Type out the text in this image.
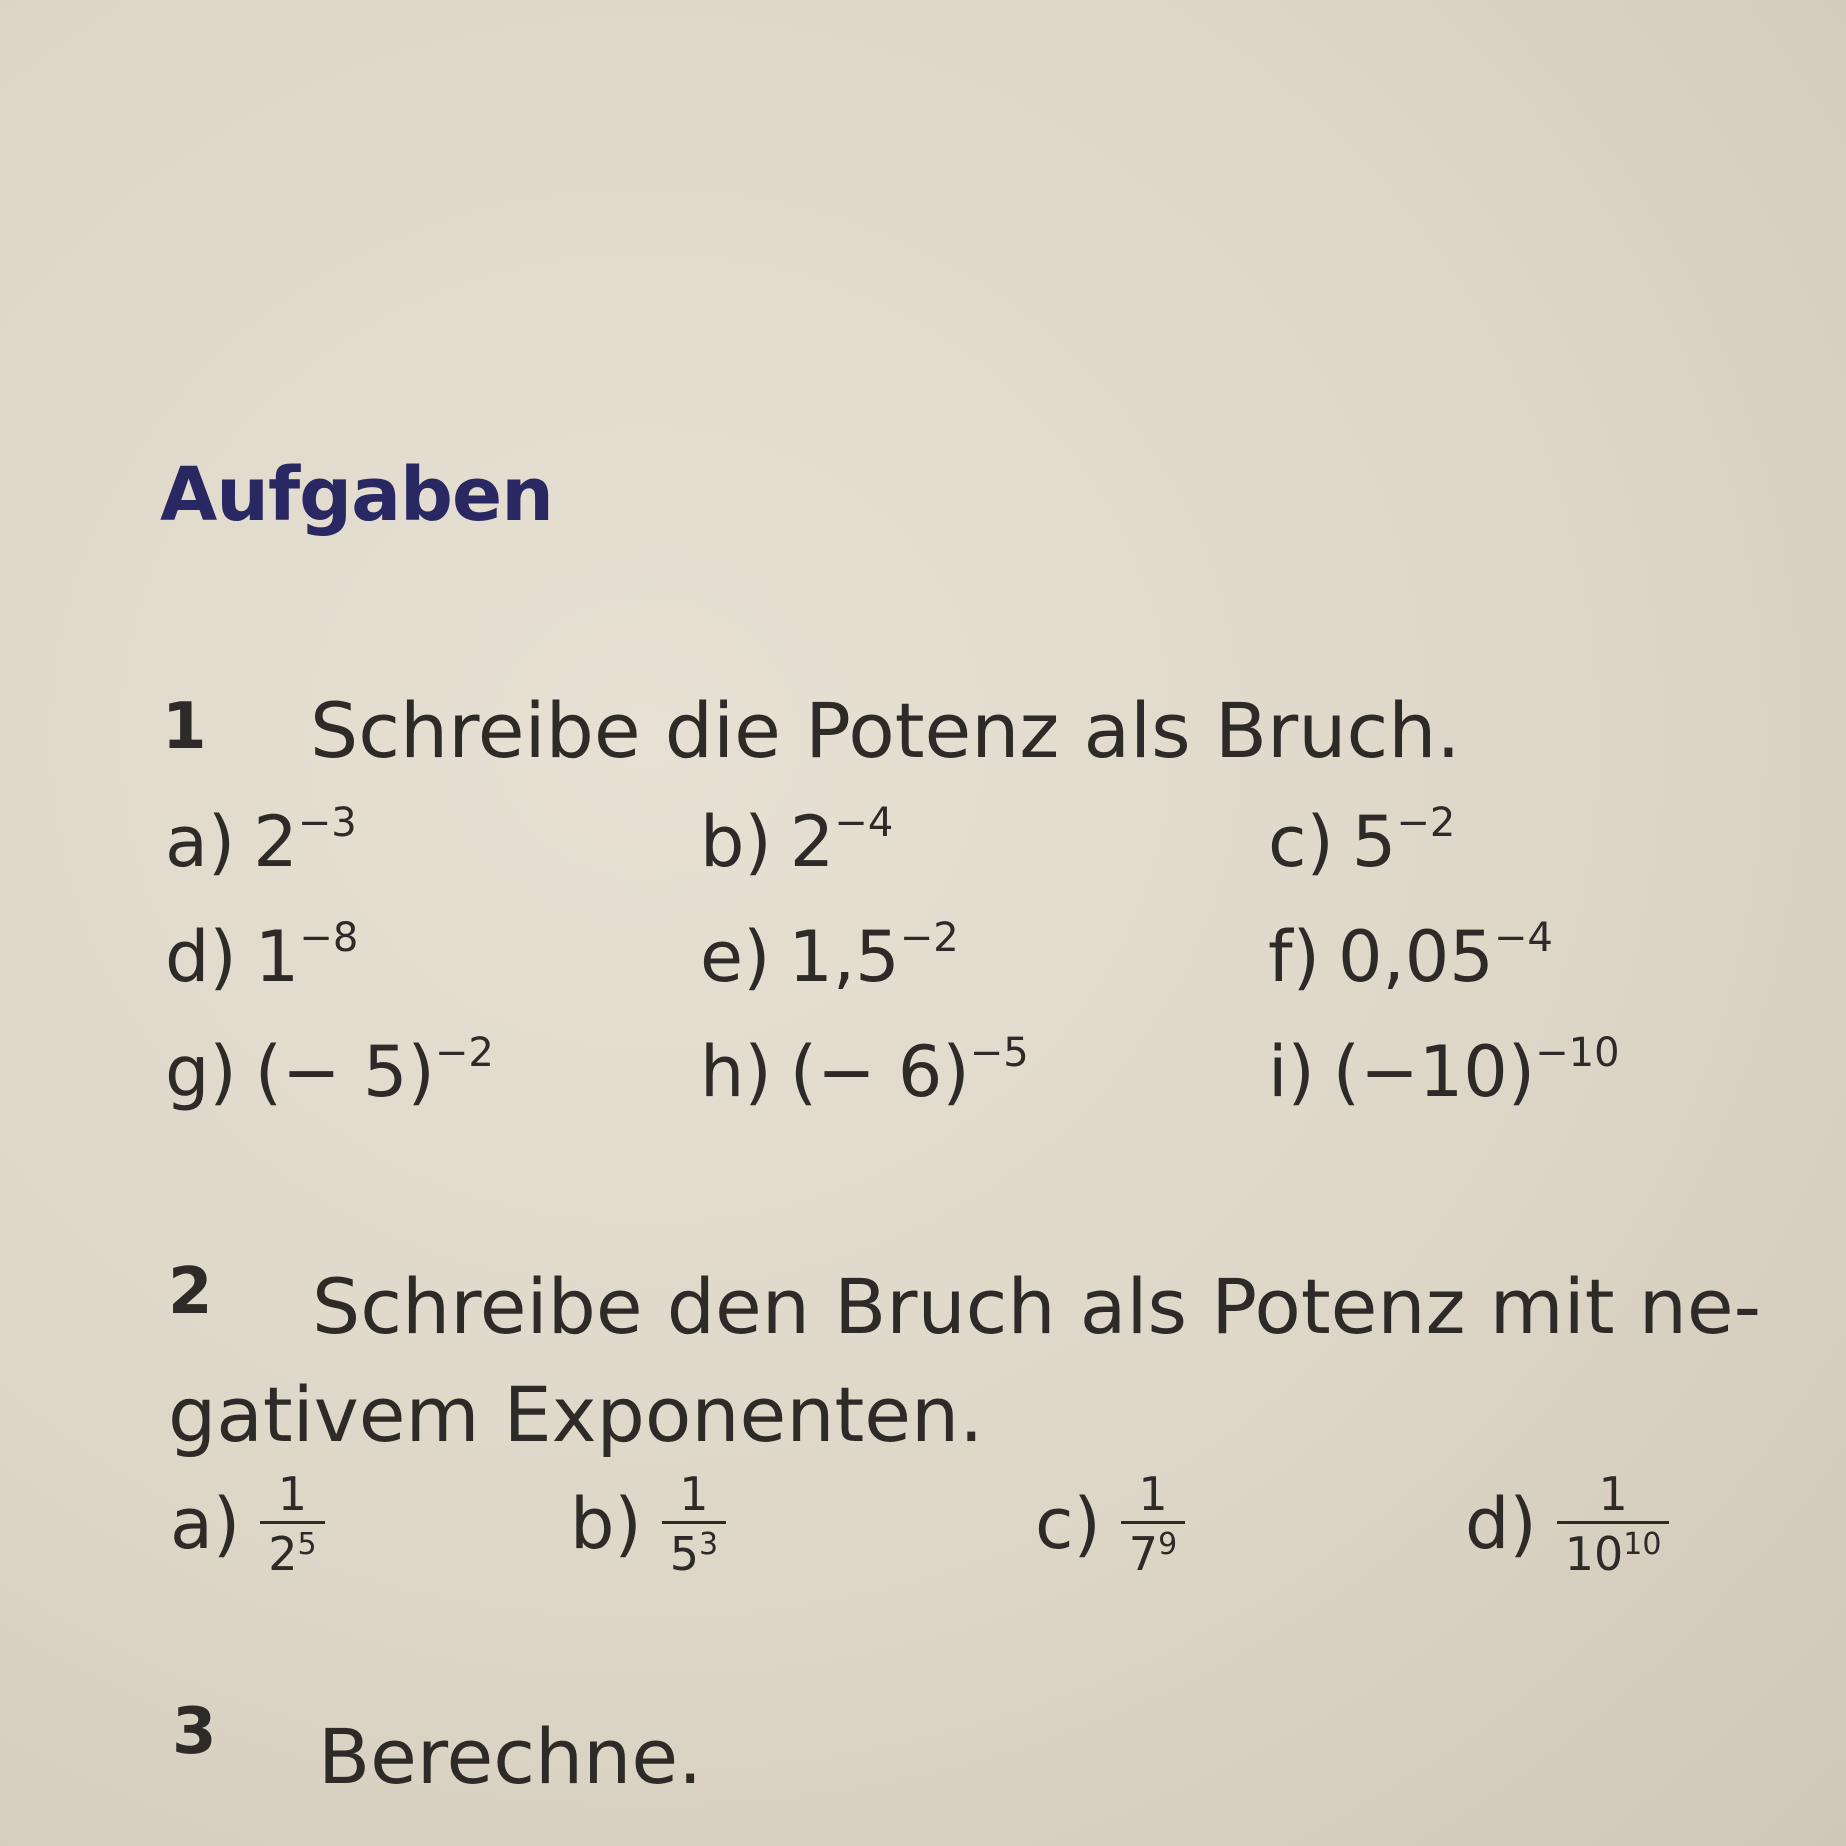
Aufgaben
1 Schreibe die Potenz als Bruch.
a) $2^{-3}$	b) $2^{-4}$	c) $5^{-2}$
d) $1^{-8}$	e) $1,5^{-2}$	f) $0,05^{-4}$
g) (− 5)$^{-2}$	h) (− 6)$^{-5}$	i) $(-10)^{-10}$
2 Schreibe den Bruch als Potenz mit ne-
gativem Exponenten.
$a) \frac{1}{2^5}$	$b) \frac{1}{5^3}$	$c) \frac{1}{7^9}$	$d) \frac{1}{10^{10}}$
3 Berechne.
